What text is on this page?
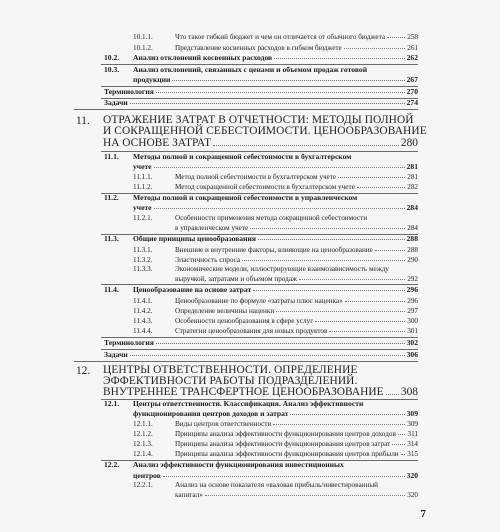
10.1.1.	Что такое гибкий бюджет и чем он отличается от обычного бюджета	258
10.1.2.	Представление косвенных расходов в гибком бюджете	261
10.2.	Анализ отклонений косвенных расходов	262
10.3. Анализ отклонений, связанных с ценами и объемом продаж готовой
продукции	267
Терминология	270
Задачи	274
11. ОТРАЖЕНИЕ ЗАТРАТ В ОТЧЕТНОСТИ: МЕТОДЫ ПОЛНОЙ
И СОКРАЩЕННОЙ СЕБЕСТОИМОСТИ. ЦЕНООБРАЗОВАНИЕ
НА ОСНОВЕ ЗАТРАТ	280
11.1. Методы полной и сокращенной себестоимости в бухгалтерском
учете	281
11.1.1.	Метод полной себестоимости в бухгалтерском учете	281
11.1.2.	Метод сокращенной себестоимости в бухгалтерском учете	282
11.2. Методы полной и сокращенной себестоимости в управленческом
учете	284
11.2.1.	Особенности применения метода сокращенной себестоимости
в управленческом учете	284
11.3.	Общие принципы ценообразования	288
11.3.1.	Внешние и внутренние факторы, влияющие на ценообразование	288
11.3.2.	Эластичность спроса	290
11.3.3.	Экономические модели, иллюстрирующие взаимозависимость между
выручкой, затратами и объемом продаж	292
11.4.	Ценообразование на основе затрат	296
11.4.1.	Ценообразование по формуле «затраты плюс наценка»	296
11.4.2.	Определение величины наценки	297
11.4.3.	Особенности ценообразования в сфере услуг	300
11.4.4.	Стратегии ценообразования для новых продуктов	301
Терминология	302
Задачи	306
12. ЦЕНТРЫ ОТВЕТСТВЕННОСТИ. ОПРЕДЕЛЕНИЕ
ЭФФЕКТИВНОСТИ РАБОТЫ ПОДРАЗДЕЛЕНИЙ.
ВНУТРЕННЕЕ ТРАНСФЕРТНОЕ ЦЕНООБРАЗОВАНИЕ 308
12.1. Центры ответственности. Классификация. Анализ эффективности
функционирования центров доходов и затрат	309
12.1.1.	Виды центров ответственности	309
12.1.2.	Принципы анализа эффективности функционирования центров доходов 311
12.1.3.	Принципы анализа эффективности функционирования центров затрат 314
12.1.4.	Принципы анализа эффективности функционирования центров прибыли 315
12.2. Анализ эффективности функционирования инвестиционных
центров	320
12.2.1.	Анализ на основе показателя «валовая прибыль/инвестированный
капитал»	320
7
